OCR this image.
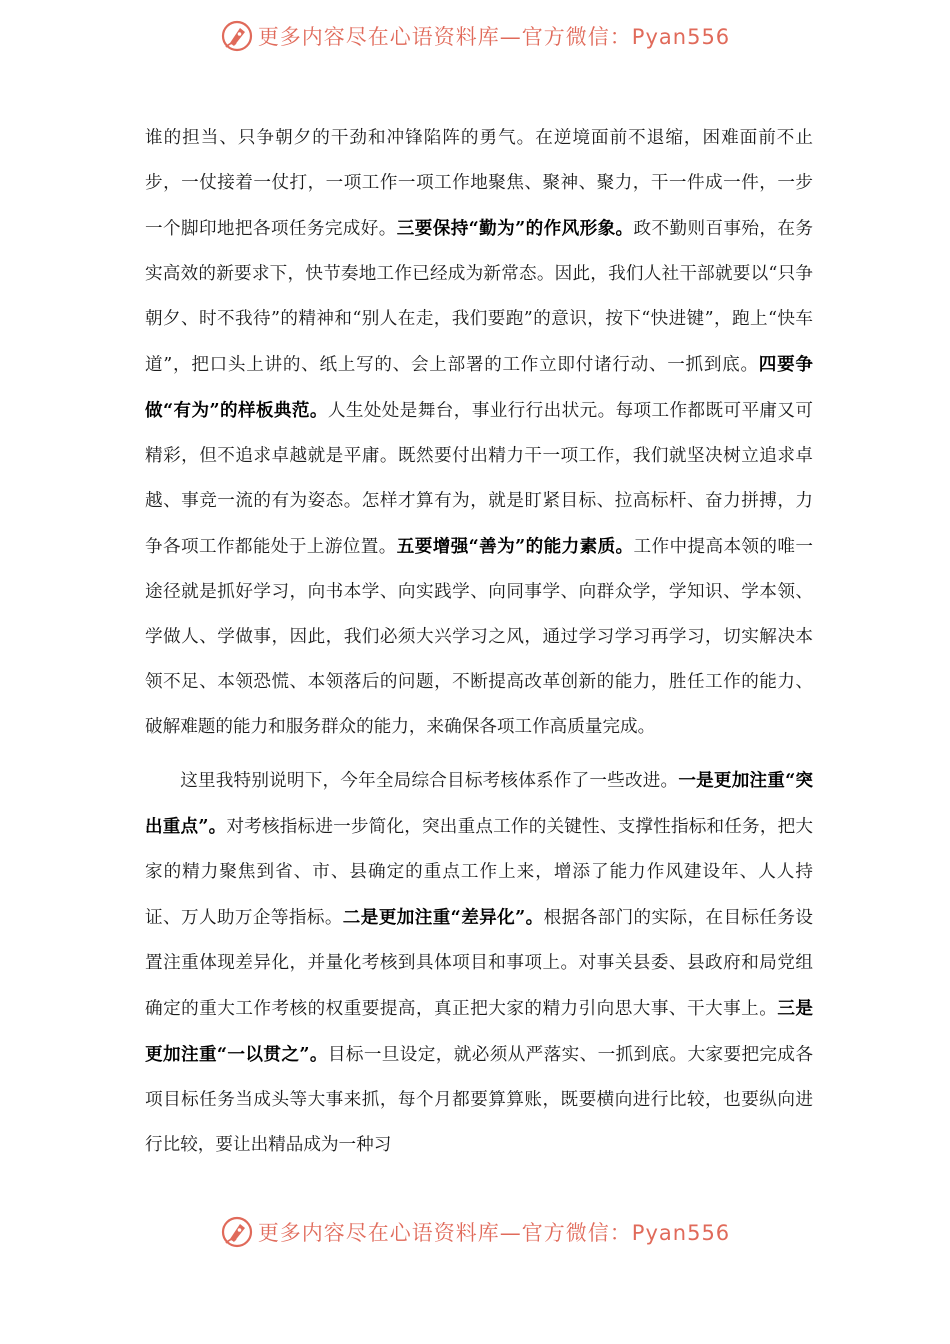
更多内容尽在心语资料库—官方微信：Pyan556

谁的担当、只争朝夕的干劲和冲锋陷阵的勇气。在逆境面前不退缩，困难面前不止步，一仗接着一仗打，一项工作一项工作地聚焦、聚神、聚力，干一件成一件，一步一个脚印地把各项任务完成好。三要保持“勤为”的作风形象。政不勤则百事殆，在务实高效的新要求下，快节奏地工作已经成为新常态。因此，我们人社干部就要以“只争朝夕、时不我待”的精神和“别人在走，我们要跑”的意识，按下“快进键”，跑上“快车道”，把口头上讲的、纸上写的、会上部署的工作立即付诸行动、一抓到底。四要争做“有为”的样板典范。人生处处是舞台，事业行行出状元。每项工作都既可平庸又可精彩，但不追求卓越就是平庸。既然要付出精力干一项工作，我们就坚决树立追求卓越、事竞一流的有为姿态。怎样才算有为，就是盯紧目标、拉高标杆、奋力拼搏，力争各项工作都能处于上游位置。五要增强“善为”的能力素质。工作中提高本领的唯一途径就是抓好学习，向书本学、向实践学、向同事学、向群众学，学知识、学本领、学做人、学做事，因此，我们必须大兴学习之风，通过学习学习再学习，切实解决本领不足、本领恐慌、本领落后的问题，不断提高改革创新的能力，胜任工作的能力、破解难题的能力和服务群众的能力，来确保各项工作高质量完成。

这里我特别说明下，今年全局综合目标考核体系作了一些改进。一是更加注重“突出重点”。对考核指标进一步简化，突出重点工作的关键性、支撑性指标和任务，把大家的精力聚焦到省、市、县确定的重点工作上来，增添了能力作风建设年、人人持证、万人助万企等指标。二是更加注重“差异化”。根据各部门的实际，在目标任务设置注重体现差异化，并量化考核到具体项目和事项上。对事关县委、县政府和局党组确定的重大工作考核的权重要提高，真正把大家的精力引向思大事、干大事上。三是更加注重“一以贯之”。目标一旦设定，就必须从严落实、一抓到底。大家要把完成各项目标任务当成头等大事来抓，每个月都要算算账，既要横向进行比较，也要纵向进行比较，要让出精品成为一种习

更多内容尽在心语资料库—官方微信：Pyan556
